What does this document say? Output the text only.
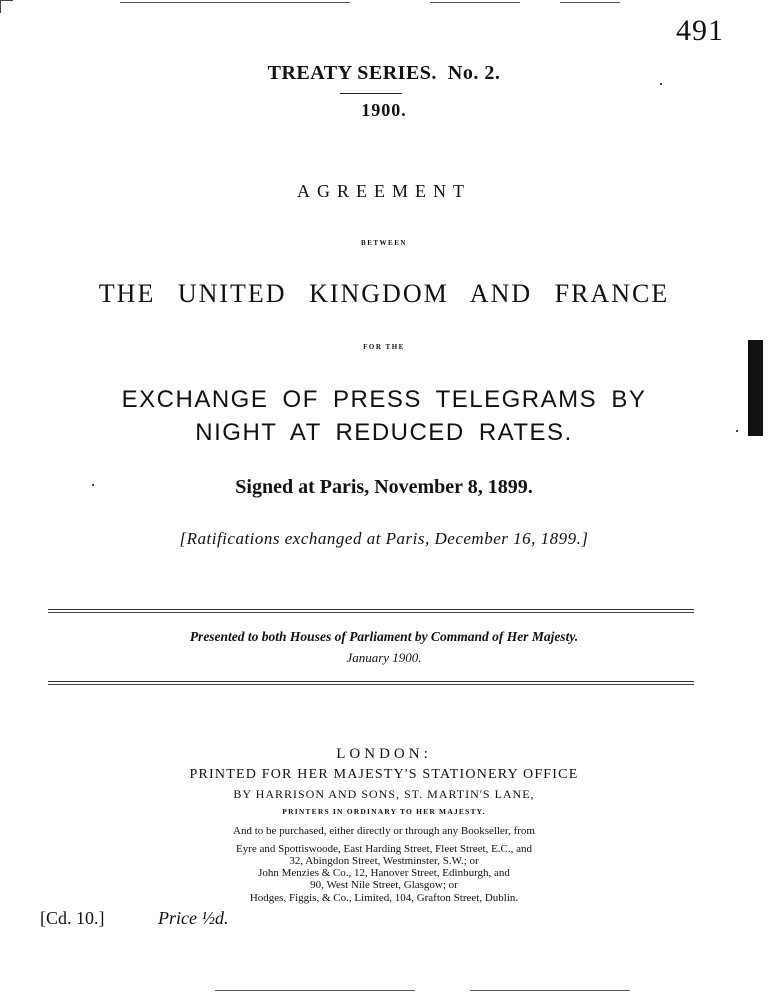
491
TREATY SERIES.  No. 2.
1900.
AGREEMENT
BETWEEN
THE UNITED KINGDOM AND FRANCE
FOR THE
EXCHANGE OF PRESS TELEGRAMS BY
NIGHT AT REDUCED RATES.
Signed at Paris, November 8, 1899.
[Ratifications exchanged at Paris, December 16, 1899.]
Presented to both Houses of Parliament by Command of Her Majesty.
January 1900.
LONDON:
PRINTED FOR HER MAJESTY'S STATIONERY OFFICE
BY HARRISON AND SONS, ST. MARTIN'S LANE,
PRINTERS IN ORDINARY TO HER MAJESTY.
And to be purchased, either directly or through any Bookseller, from
Eyre and Spottiswoode, East Harding Street, Fleet Street, E.C., and
32, Abingdon Street, Westminster, S.W.; or
John Menzies & Co., 12, Hanover Street, Edinburgh, and
90, West Nile Street, Glasgow; or
Hodges, Figgis, & Co., Limited, 104, Grafton Street, Dublin.
[Cd. 10.]	Price ½d.
